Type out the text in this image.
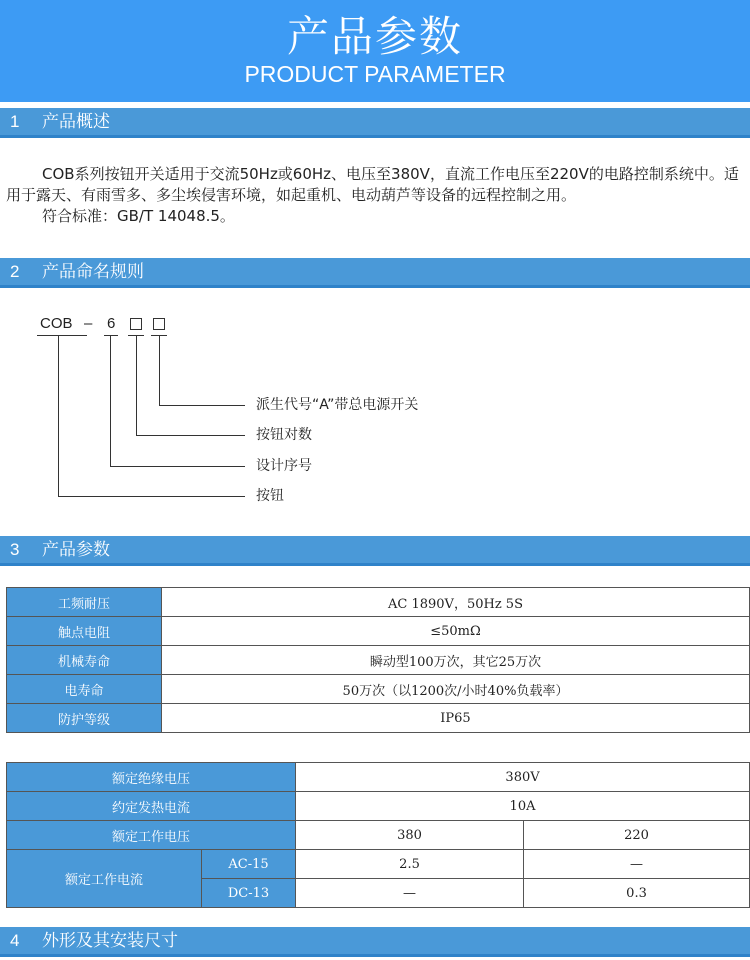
产品参数
PRODUCT PARAMETER
1 产品概述

COB系列按钮开关适用于交流50Hz或60Hz、电压至380V，直流工作电压至220V的电路控制系统中。适用于露天、有雨雪多、多尘埃侵害环境，如起重机、电动葫芦等设备的远程控制之用。

符合标准：GB/T 14048.5。

2 产品命名规则
COB – 6
派生代号“A”带总电源开关
按钮对数
设计序号
按钮
3 产品参数
工频耐压	AC 1890V，50Hz 5S
触点电阻	≤50mΩ
机械寿命	瞬动型100万次，其它25万次
电寿命	50万次（以1200次/小时40%负载率）
防护等级	IP65
额定绝缘电压		380V	
约定发热电流		10A	
额定工作电压		380	220
额定工作电流	AC-15	2.5	—
	DC-13	—	0.3
4 外形及其安装尺寸
